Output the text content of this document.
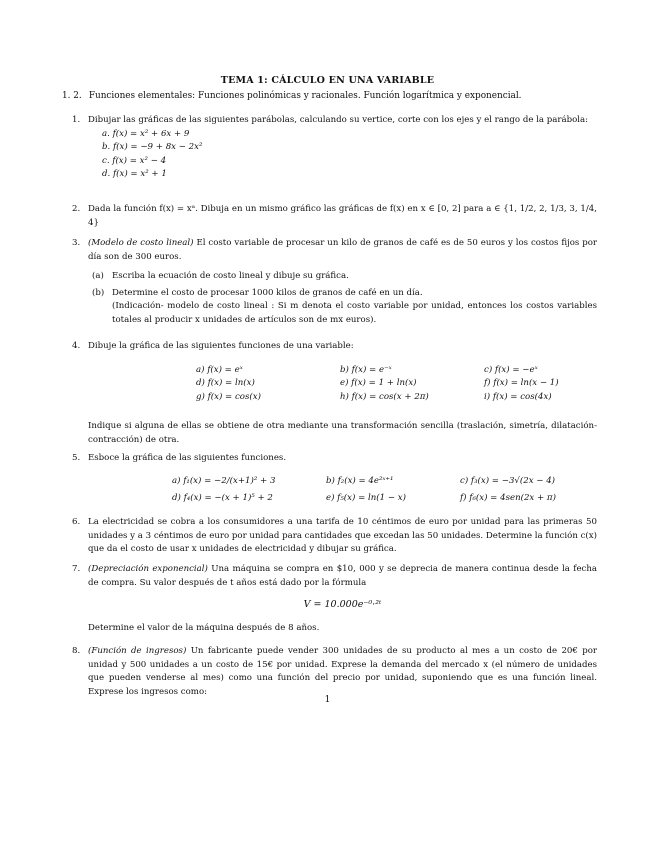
TEMA 1: CÁLCULO EN UNA VARIABLE
1. 2. Funciones elementales: Funciones polinómicas y racionales. Función logarítmica y exponencial.
1. Dibujar las gráficas de las siguientes parábolas, calculando su vertice, corte con los ejes y el rango de la parábola:
a. f(x) = x² + 6x + 9
b. f(x) = −9 + 8x − 2x²
c. f(x) = x² − 4
d. f(x) = x² + 1
2. Dada la función f(x) = xᵃ. Dibuja en un mismo gráfico las gráficas de f(x) en x ∈ [0, 2] para a ∈ {1, 1/2, 2, 1/3, 3, 1/4, 4}
3. (Modelo de costo lineal) El costo variable de procesar un kilo de granos de café es de 50 euros y los costos fijos por día son de 300 euros.
(a) Escriba la ecuación de costo lineal y dibuje su gráfica.
(b) Determine el costo de procesar 1000 kilos de granos de café en un día.
(Indicación- modelo de costo lineal : Si m denota el costo variable por unidad, entonces los costos variables totales al producir x unidades de artículos son de mx euros).
4. Dibuje la gráfica de las siguientes funciones de una variable:
a) f(x) = eˣ	b) f(x) = e⁻ˣ	c) f(x) = −eˣ
d) f(x) = ln(x)	e) f(x) = 1 + ln(x)	f) f(x) = ln(x − 1)
g) f(x) = cos(x)	h) f(x) = cos(x + 2π)	i) f(x) = cos(4x)
Indique si alguna de ellas se obtiene de otra mediante una transformación sencilla (traslación, simetría, dilatación-contracción) de otra.
5. Esboce la gráfica de las siguientes funciones.
a) f₁(x) = −2/(x+1)² + 3	b) f₂(x) = 4e²ˣ⁺¹	c) f₃(x) = −3√(2x − 4)
d) f₄(x) = −(x + 1)⁵ + 2	e) f₅(x) = ln(1 − x)	f) f₆(x) = 4sen(2x + π)
6. La electricidad se cobra a los consumidores a una tarifa de 10 céntimos de euro por unidad para las primeras 50 unidades y a 3 céntimos de euro por unidad para cantidades que excedan las 50 unidades. Determine la función c(x) que da el costo de usar x unidades de electricidad y dibujar su gráfica.
7. (Depreciación exponencial) Una máquina se compra en $10, 000 y se deprecia de manera continua desde la fecha de compra. Su valor después de t años está dado por la fórmula
V = 10.000e⁻⁰·²ᵗ
Determine el valor de la máquina después de 8 años.
8. (Función de ingresos) Un fabricante puede vender 300 unidades de su producto al mes a un costo de 20€ por unidad y 500 unidades a un costo de 15€ por unidad. Exprese la demanda del mercado x (el número de unidades que pueden venderse al mes) como una función del precio por unidad, suponiendo que es una función lineal. Exprese los ingresos como:
1
